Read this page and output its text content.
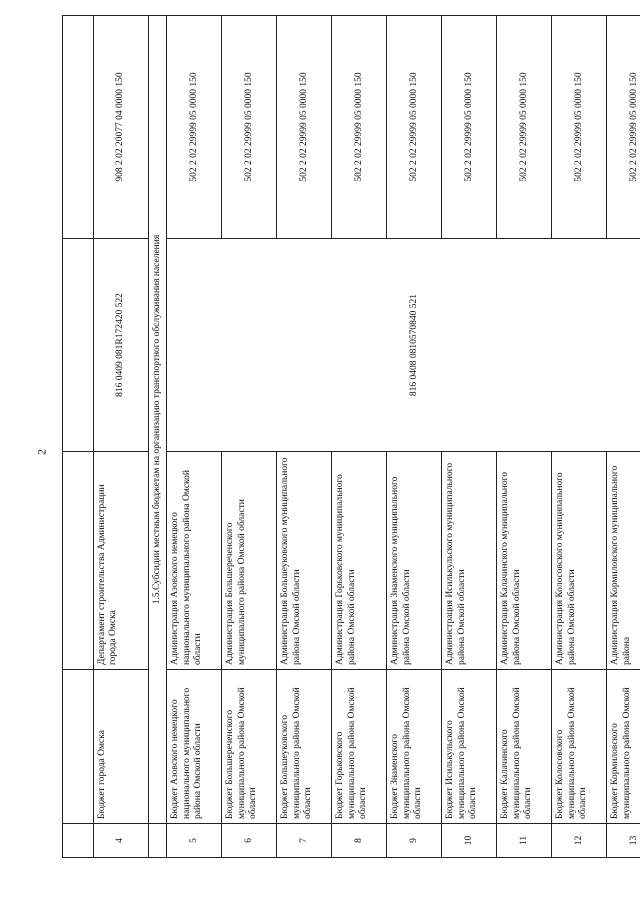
2

4	Бюджет города Омска	Департамент строительства Администрации города Омска	816 0409 081R172420 522	908 2 02 20077 04 0000 150
	1.5.Субсидии местным бюджетам на организацию транспортного обслуживания населения			
5	Бюджет Азовского немецкого национального муниципального района Омской области	Администрация Азовского немецкого национального муниципального района Омской области	816 0408 0810570840 521	502 2 02 29999 05 0000 150
6	Бюджет Большереченского муниципального района Омской области	Администрация Большереченского муниципального района Омской области		502 2 02 29999 05 0000 150
7	Бюджет Большеуковского муниципального района Омской области	Администрация Большеуковского муниципального района Омской области		502 2 02 29999 05 0000 150
8	Бюджет Горьковского муниципального района Омской области	Администрация Горьковского муниципального района Омской области		502 2 02 29999 05 0000 150
9	Бюджет Знаменского муниципального района Омской области	Администрация Знаменского муниципального района Омской области		502 2 02 29999 05 0000 150
10	Бюджет Исилькульского муниципального района Омской области	Администрация Исилькульского муниципального района Омской области		502 2 02 29999 05 0000 150
11	Бюджет Калачинского муниципального района Омской области	Администрация Калачинского муниципального района Омской области		502 2 02 29999 05 0000 150
12	Бюджет Колосовского муниципального района Омской области	Администрация Колосовского муниципального района Омской области		502 2 02 29999 05 0000 150
13	Бюджет Кормиловского муниципального района Омской	Администрация Кормиловского муниципального района		502 2 02 29999 05 0000 150
